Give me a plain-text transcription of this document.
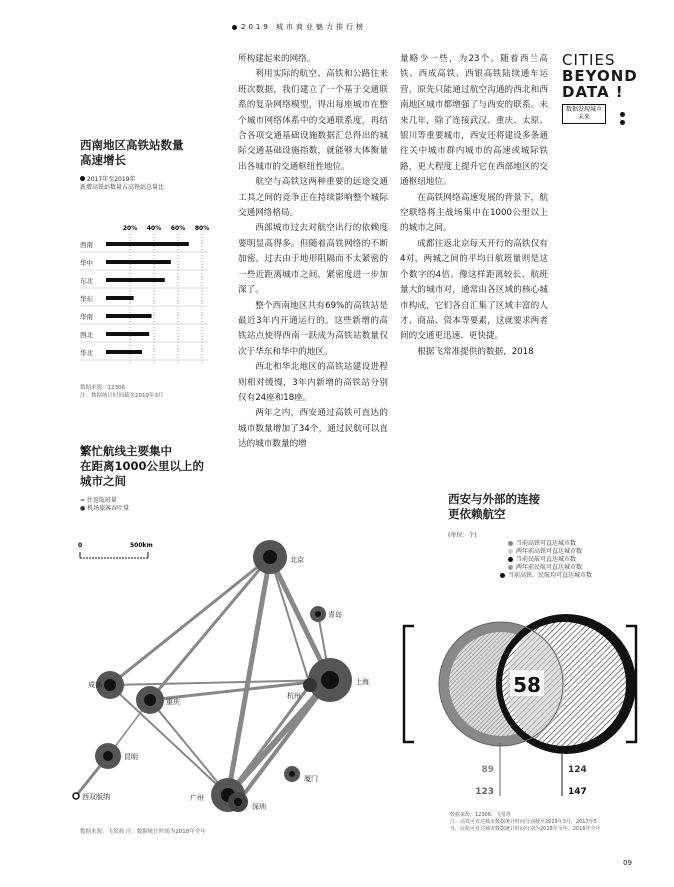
2019 城市商业魅力排行榜
CITIES
BEYOND
DATA !
数据发现城市未来

所构建起来的网络。

利用实际的航空、高铁和公路往来班次数据，我们建立了一个基于交通联系的复杂网络模型，得出每座城市在整个城市网络体系中的交通联系度，再结合各项交通基础设施数据汇总得出的城际交通基础设施指数，就能够大体衡量出各城市的交通枢纽性地位。

航空与高铁这两种重要的远途交通工具之间的竞争正在持续影响整个城际交通网络格局。

西部城市过去对航空出行的依赖度要明显高得多。但随着高铁网络的不断加密，过去由于地形阻隔而不太紧密的一些近距离城市之间，紧密度进一步加深了。

整个西南地区共有69%的高铁站是最近3年内开通运行的。这些新增的高铁站点使得西南一跃成为高铁站数量仅次于华东和华中的地区。

西北和华北地区的高铁站建设进程则相对缓慢，3年内新增的高铁站分别仅有24座和18座。

两年之内，西安通过高铁可直达的城市数量增加了34个，通过民航可以直达的城市数量的增

量略少一些，为23个。随着西兰高铁、西成高铁、西银高铁陆续通车运营，原先只能通过航空沟通的西北和西南地区城市都增强了与西安的联系。未来几年，除了连接武汉、重庆、太原、银川等重要城市，西安还将建设多条通往关中城市群内城市的高速或城际铁路，更大程度上提升它在西部地区的交通枢纽地位。

在高铁网络高速发展的背景下，航空联络将主战场集中在1000公里以上的城市之间。

成都往返北京每天开行的高铁仅有4对，两城之间的平均日航班量则是这个数字的4倍。像这样距离较长、航班量大的城市对，通常由各区域的核心城市构成，它们各自汇集了区域丰富的人才、商品、资本等要素，这就要求两者间的交通更迅速、更快捷。

根据飞常准提供的数据，2018

西南地区高铁站数量
高速增长
2017年至2019年
新增高铁站数量占高铁站总量比
20% 40% 60% 80%
西南
华中
东北
华东
华南
西北
华北
数据来源：12306
注：数据统计时间截至2019年3月
繁忙航线主要集中
在距离1000公里以上的
城市之间
= 往返航班量
● 机场旅客吞吐量
0	500km
北京
青岛
上海
杭州
成都
重庆
昆明
西双版纳	广州
深圳
厦门
数据来源：飞常准 注：数据统计时间为2018年全年
西安与外部的连接
更依赖航空
(单位：个)
当前高铁可直达城市数
两年前高铁可直达城市数
当前民航可直达城市数
两年前民航可直达城市数
当前高铁、民航均可直达城市数
58
89
123
124
147
数据来源：12306、飞常准
注：高铁可直达城市数据统计时间分别截至2019年3月、2017年5
月，民航可直达城市数据统计时间分别为2018年全年、2016年全年
09
